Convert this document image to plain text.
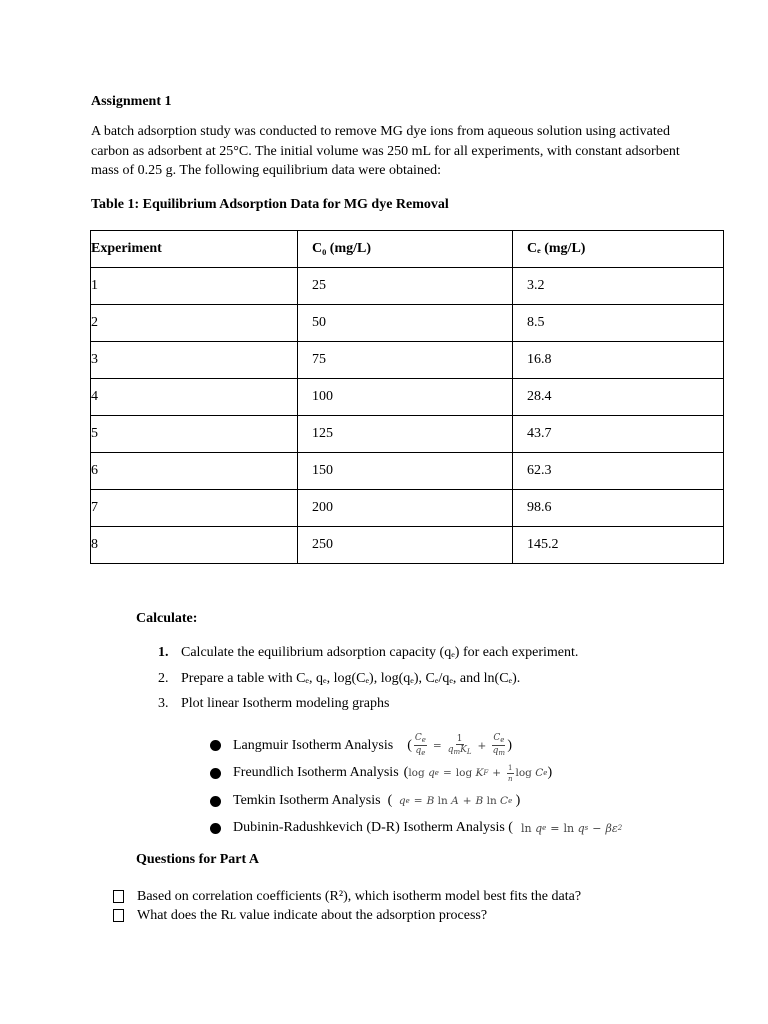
Assignment 1
A batch adsorption study was conducted to remove MG dye ions from aqueous solution using activated carbon as adsorbent at 25°C. The initial volume was 250 mL for all experiments, with constant adsorbent mass of 0.25 g. The following equilibrium data were obtained:
Table 1: Equilibrium Adsorption Data for MG dye Removal
Experiment	C₀ (mg/L)	Cₑ (mg/L)
1	25	3.2
2	50	8.5
3	75	16.8
4	100	28.4
5	125	43.7
6	150	62.3
7	200	98.6
8	250	145.2
Calculate:
1. Calculate the equilibrium adsorption capacity (qₑ) for each experiment.
2. Prepare a table with Cₑ, qₑ, log(Cₑ), log(qₑ), Cₑ/qₑ, and ln(Cₑ).
3. Plot linear Isotherm modeling graphs
Langmuir Isotherm Analysis ( $\frac{C_e}{q_e} = \frac{1}{q_mK_L} + \frac{C_e}{q_m}$ )
Freundlich Isotherm Analysis ( log q e = log K $F + \frac{1}{n}$ log C e )
Temkin Isotherm Analysis ( q e = B ln A + B ln C e
)
Dubinin-Radushkevich (D-R) Isotherm Analysis ( ln q e = ln q s − βε 2
Questions for Part A
Based on correlation coefficients (R²), which isotherm model best fits the data?
What does the Rʟ value indicate about the adsorption process?
